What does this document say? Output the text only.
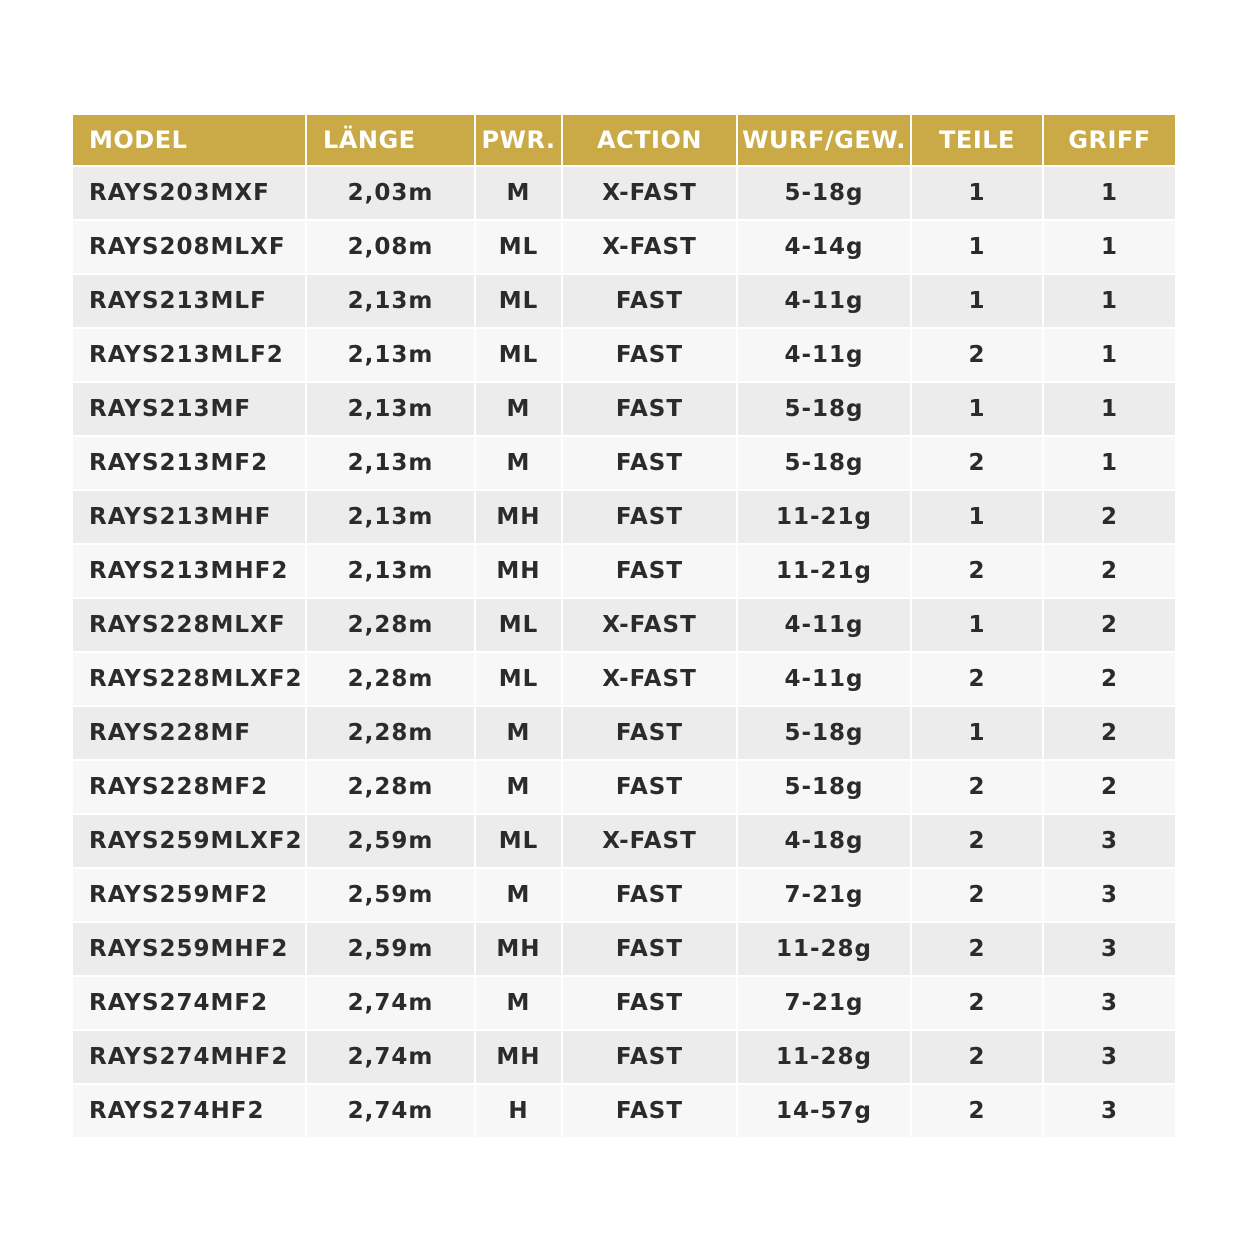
MODEL	LÄNGE	PWR.	ACTION	WURF/GEW.	TEILE	GRIFF
RAYS203MXF	2,03m	M	X-FAST	5-18g	1	1
RAYS208MLXF	2,08m	ML	X-FAST	4-14g	1	1
RAYS213MLF	2,13m	ML	FAST	4-11g	1	1
RAYS213MLF2	2,13m	ML	FAST	4-11g	2	1
RAYS213MF	2,13m	M	FAST	5-18g	1	1
RAYS213MF2	2,13m	M	FAST	5-18g	2	1
RAYS213MHF	2,13m	MH	FAST	11-21g	1	2
RAYS213MHF2	2,13m	MH	FAST	11-21g	2	2
RAYS228MLXF	2,28m	ML	X-FAST	4-11g	1	2
RAYS228MLXF2	2,28m	ML	X-FAST	4-11g	2	2
RAYS228MF	2,28m	M	FAST	5-18g	1	2
RAYS228MF2	2,28m	M	FAST	5-18g	2	2
RAYS259MLXF2	2,59m	ML	X-FAST	4-18g	2	3
RAYS259MF2	2,59m	M	FAST	7-21g	2	3
RAYS259MHF2	2,59m	MH	FAST	11-28g	2	3
RAYS274MF2	2,74m	M	FAST	7-21g	2	3
RAYS274MHF2	2,74m	MH	FAST	11-28g	2	3
RAYS274HF2	2,74m	H	FAST	14-57g	2	3
